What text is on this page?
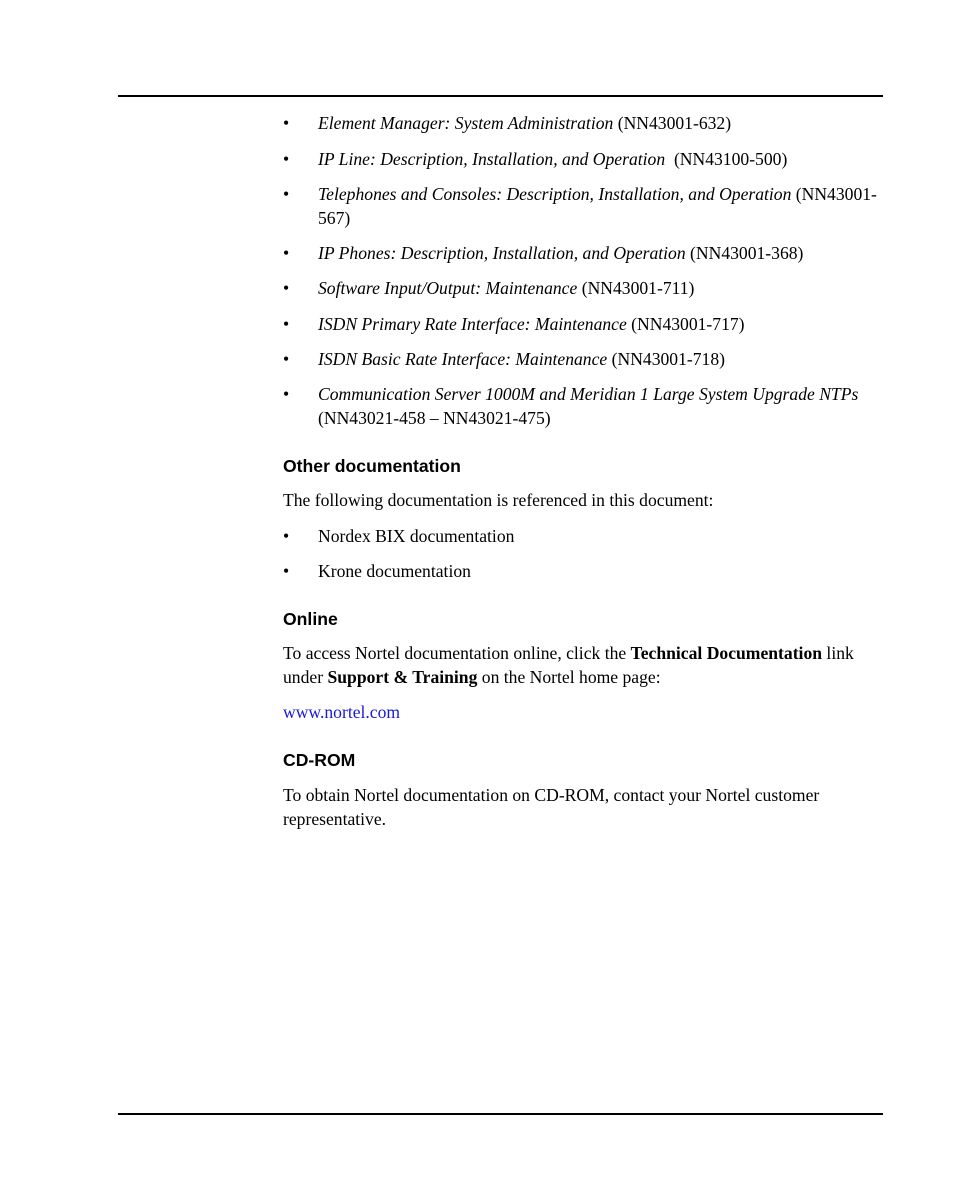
• Element Manager: System Administration (NN43001-632)
• IP Line: Description, Installation, and Operation  (NN43100-500)
• Telephones and Consoles: Description, Installation, and Operation (NN43001-567)
• IP Phones: Description, Installation, and Operation (NN43001-368)
• Software Input/Output: Maintenance (NN43001-711)
• ISDN Primary Rate Interface: Maintenance (NN43001-717)
• ISDN Basic Rate Interface: Maintenance (NN43001-718)
• Communication Server 1000M and Meridian 1 Large System Upgrade NTPs (NN43021-458 – NN43021-475)
Other documentation

The following documentation is referenced in this document:

• Nordex BIX documentation
• Krone documentation
Online

To access Nortel documentation online, click the Technical Documentation link under Support & Training on the Nortel home page:

www.nortel.com

CD-ROM

To obtain Nortel documentation on CD-ROM, contact your Nortel customer representative.
